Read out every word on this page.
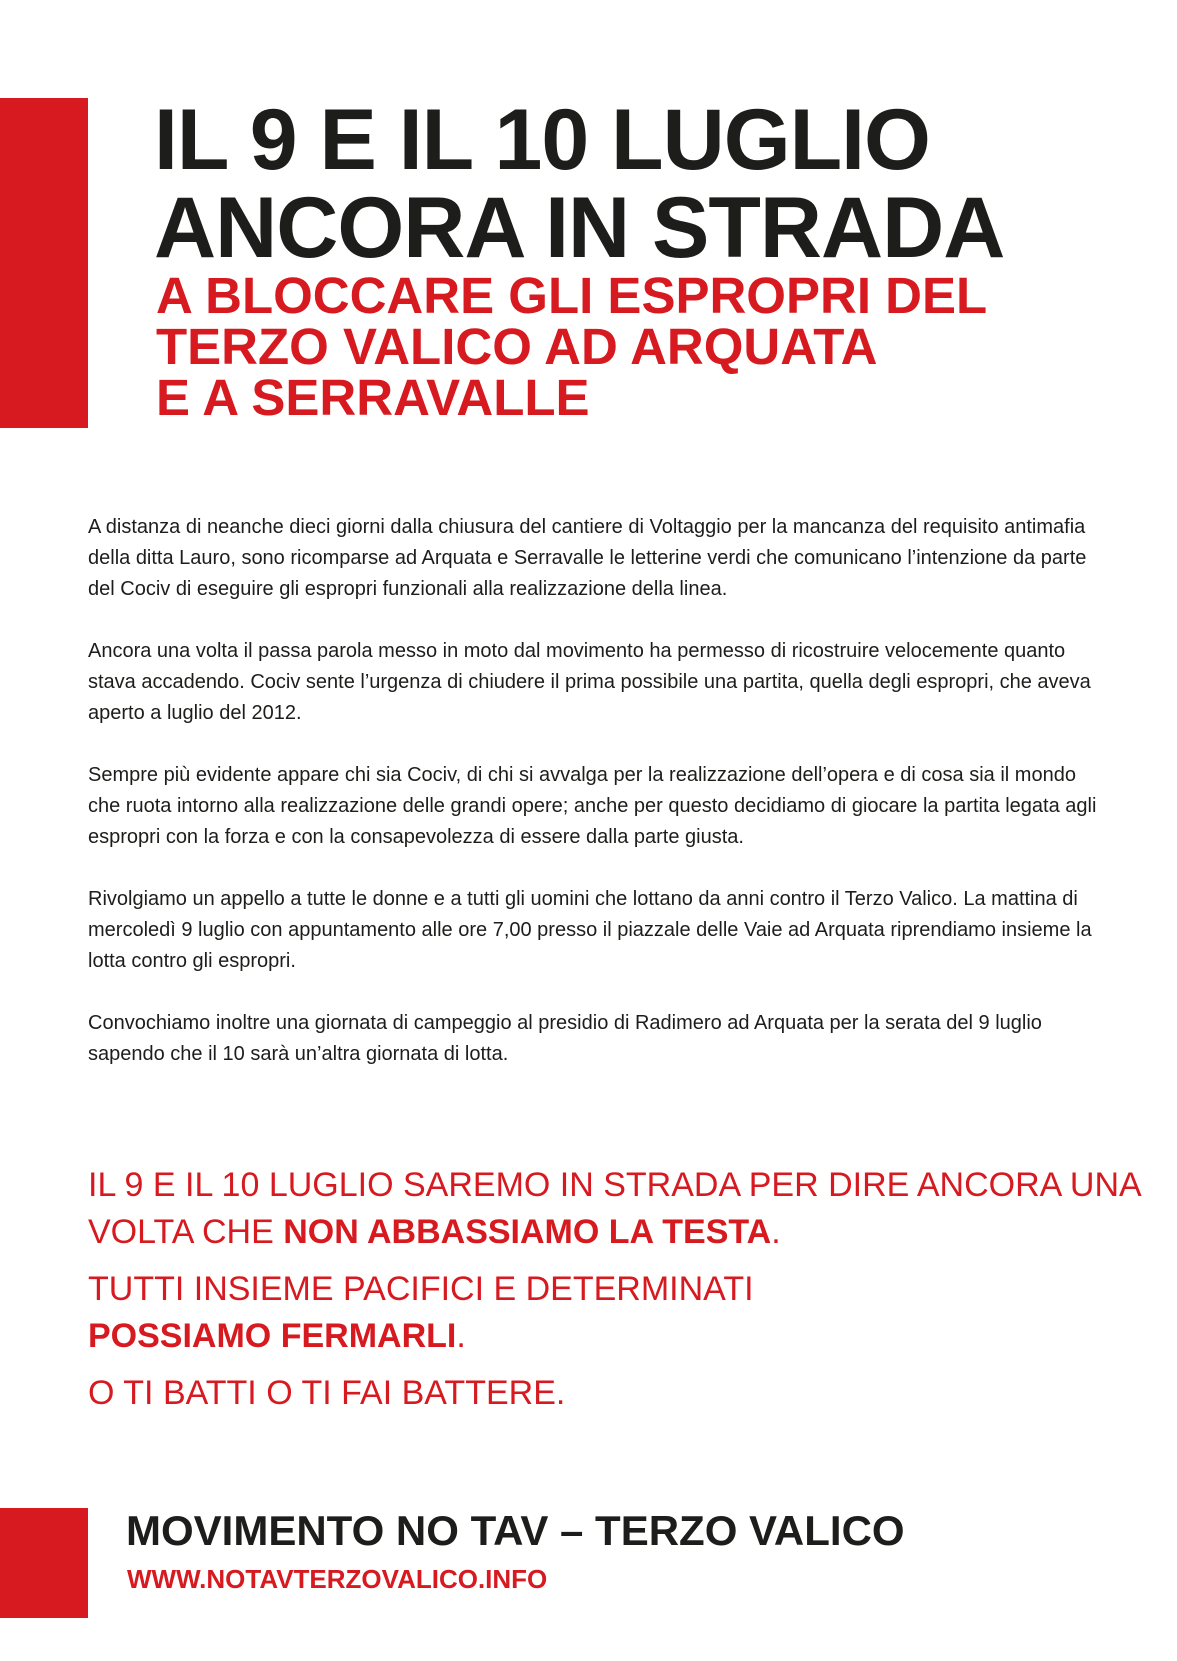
IL 9 E IL 10 LUGLIO
ANCORA IN STRADA
A BLOCCARE GLI ESPROPRI DEL
TERZO VALICO AD ARQUATA
E A SERRAVALLE

A distanza di neanche dieci giorni dalla chiusura del cantiere di Voltaggio per la mancanza del requisito antimafia della ditta Lauro, sono ricomparse ad Arquata e Serravalle le letterine verdi che comunicano l’intenzione da parte del Cociv di eseguire gli espropri funzionali alla realizzazione della linea.

Ancora una volta il passa parola messo in moto dal movimento ha permesso di ricostruire velocemente quanto stava accadendo. Cociv sente l’urgenza di chiudere il prima possibile una partita, quella degli espropri, che aveva aperto a luglio del 2012.

Sempre più evidente appare chi sia Cociv, di chi si avvalga per la realizzazione dell’opera e di cosa sia il mondo che ruota intorno alla realizzazione delle grandi opere; anche per questo decidiamo di giocare la partita legata agli espropri con la forza e con la consapevolezza di essere dalla parte giusta.

Rivolgiamo un appello a tutte le donne e a tutti gli uomini che lottano da anni contro il Terzo Valico. La mattina di mercoledì 9 luglio con appuntamento alle ore 7,00 presso il piazzale delle Vaie ad Arquata riprendiamo insieme la lotta contro gli espropri.

Convochiamo inoltre una giornata di campeggio al presidio di Radimero ad Arquata per la serata del 9 luglio sapendo che il 10 sarà un’altra giornata di lotta.

IL 9 E IL 10 LUGLIO SAREMO IN STRADA PER DIRE ANCORA UNA VOLTA CHE NON ABBASSIAMO LA TESTA.

TUTTI INSIEME PACIFICI E DETERMINATI
POSSIAMO FERMARLI.

O TI BATTI O TI FAI BATTERE.

MOVIMENTO NO TAV – TERZO VALICO
WWW.NOTAVTERZOVALICO.INFO
